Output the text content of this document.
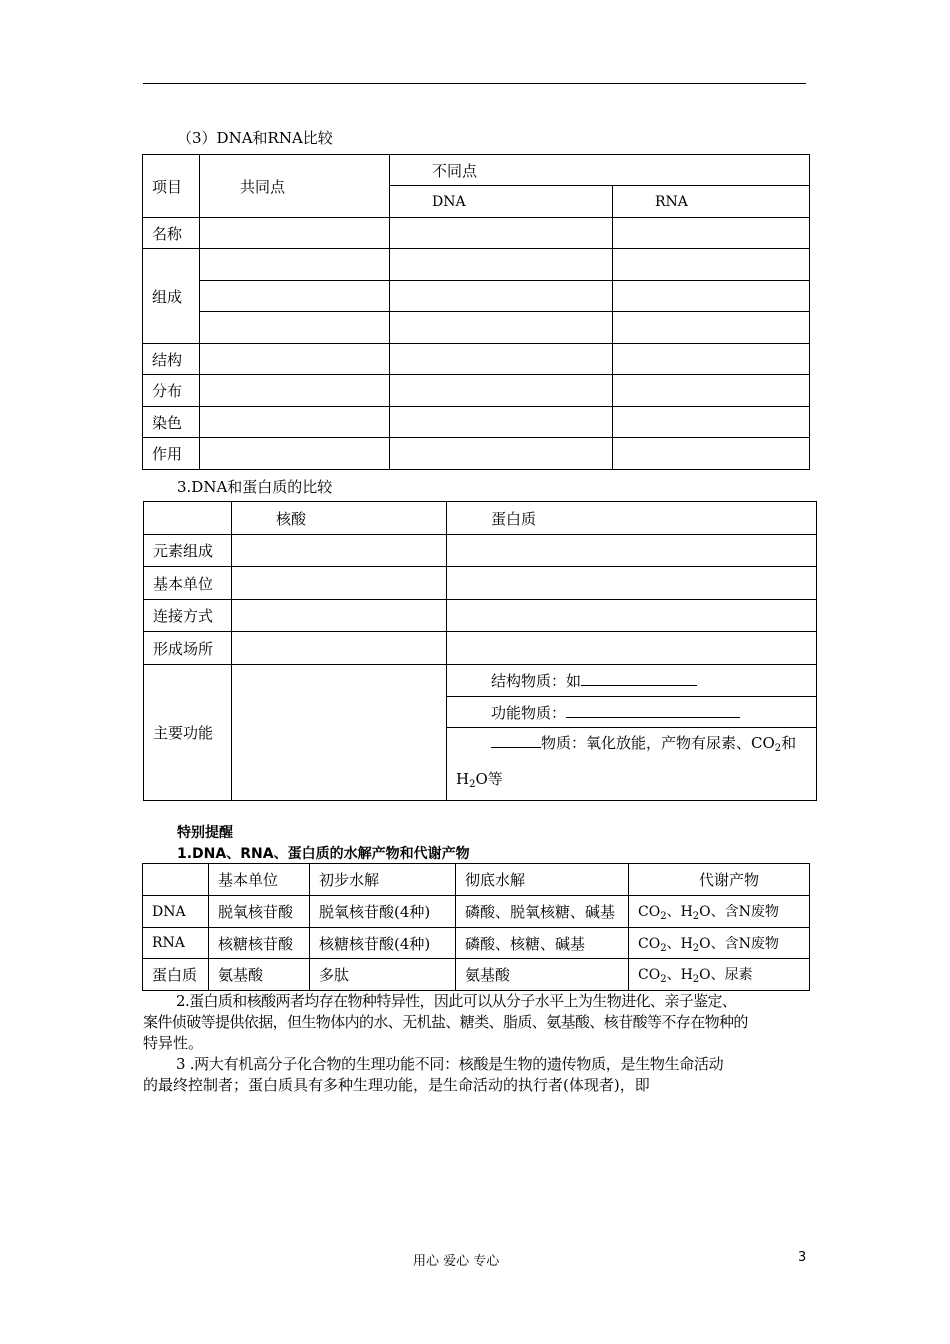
（3）DNA和RNA比较
项目	共同点	不同点	
		DNA	RNA
名称			
组成			

结构			
分布			
染色			
作用			
3.DNA和蛋白质的比较
	核酸	蛋白质
元素组成		
基本单位		
连接方式		
形成场所		
主要功能		结构物质：如
		功能物质：
		物质：氧化放能，产物有尿素、$CO_2$和
$H_2O$等
特别提醒
1.DNA、RNA、蛋白质的水解产物和代谢产物
	基本单位	初步水解	彻底水解	代谢产物
DNA	脱氧核苷酸	脱氧核苷酸(4种)	磷酸、脱氧核糖、碱基	$CO_2$、$H_2O$、含N废物
RNA	核糖核苷酸	核糖核苷酸(4种)	磷酸、核糖、碱基	$CO_2$、$H_2O$、含N废物
蛋白质	氨基酸	多肽	氨基酸	$CO_2$、$H_2O$、尿素
2.蛋白质和核酸两者均存在物种特异性，因此可以从分子水平上为生物进化、亲子鉴定、
案件侦破等提供依据，但生物体内的水、无机盐、糖类、脂质、氨基酸、核苷酸等不存在物种的
特异性。
3 .两大有机高分子化合物的生理功能不同：核酸是生物的遗传物质，是生物生命活动
的最终控制者；蛋白质具有多种生理功能，是生命活动的执行者(体现者)，即
用心 爱心 专心	3
